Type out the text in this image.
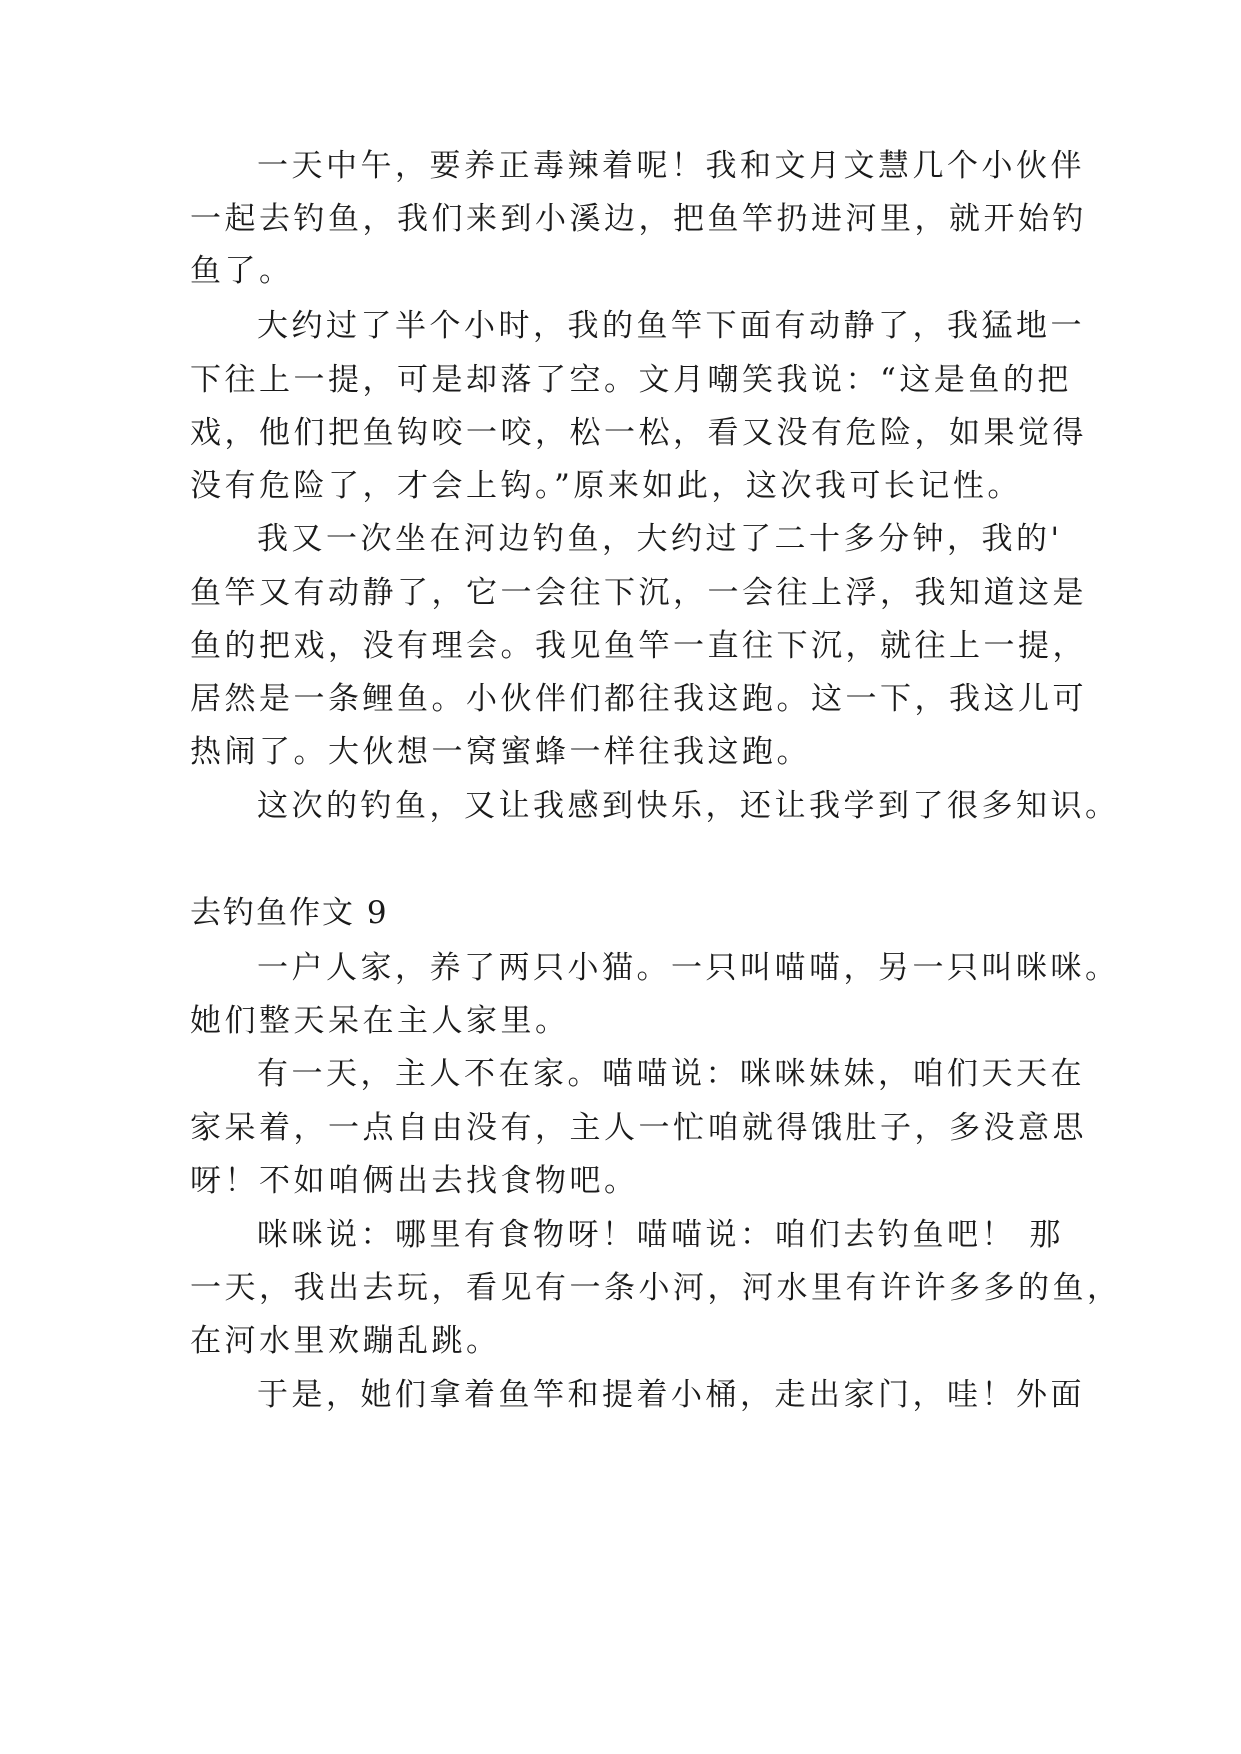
一天中午，要养正毒辣着呢！我和文月文慧几个小伙伴

一起去钓鱼，我们来到小溪边，把鱼竿扔进河里，就开始钓

鱼了。

大约过了半个小时，我的鱼竿下面有动静了，我猛地一

下往上一提，可是却落了空。文月嘲笑我说：“这是鱼的把

戏，他们把鱼钩咬一咬，松一松，看又没有危险，如果觉得

没有危险了，才会上钩。”原来如此，这次我可长记性。

我又一次坐在河边钓鱼，大约过了二十多分钟，我的'

鱼竿又有动静了，它一会往下沉，一会往上浮，我知道这是

鱼的把戏，没有理会。我见鱼竿一直往下沉，就往上一提，

居然是一条鲤鱼。小伙伴们都往我这跑。这一下，我这儿可

热闹了。大伙想一窝蜜蜂一样往我这跑。

这次的钓鱼，又让我感到快乐，还让我学到了很多知识。

去钓鱼作文 9

一户人家，养了两只小猫。一只叫喵喵，另一只叫咪咪。

她们整天呆在主人家里。

有一天，主人不在家。喵喵说：咪咪妹妹，咱们天天在

家呆着，一点自由没有，主人一忙咱就得饿肚子，多没意思

呀！不如咱俩出去找食物吧。

咪咪说：哪里有食物呀！喵喵说：咱们去钓鱼吧！ 那

一天，我出去玩，看见有一条小河，河水里有许许多多的鱼，

在河水里欢蹦乱跳。

于是，她们拿着鱼竿和提着小桶，走出家门，哇！外面
